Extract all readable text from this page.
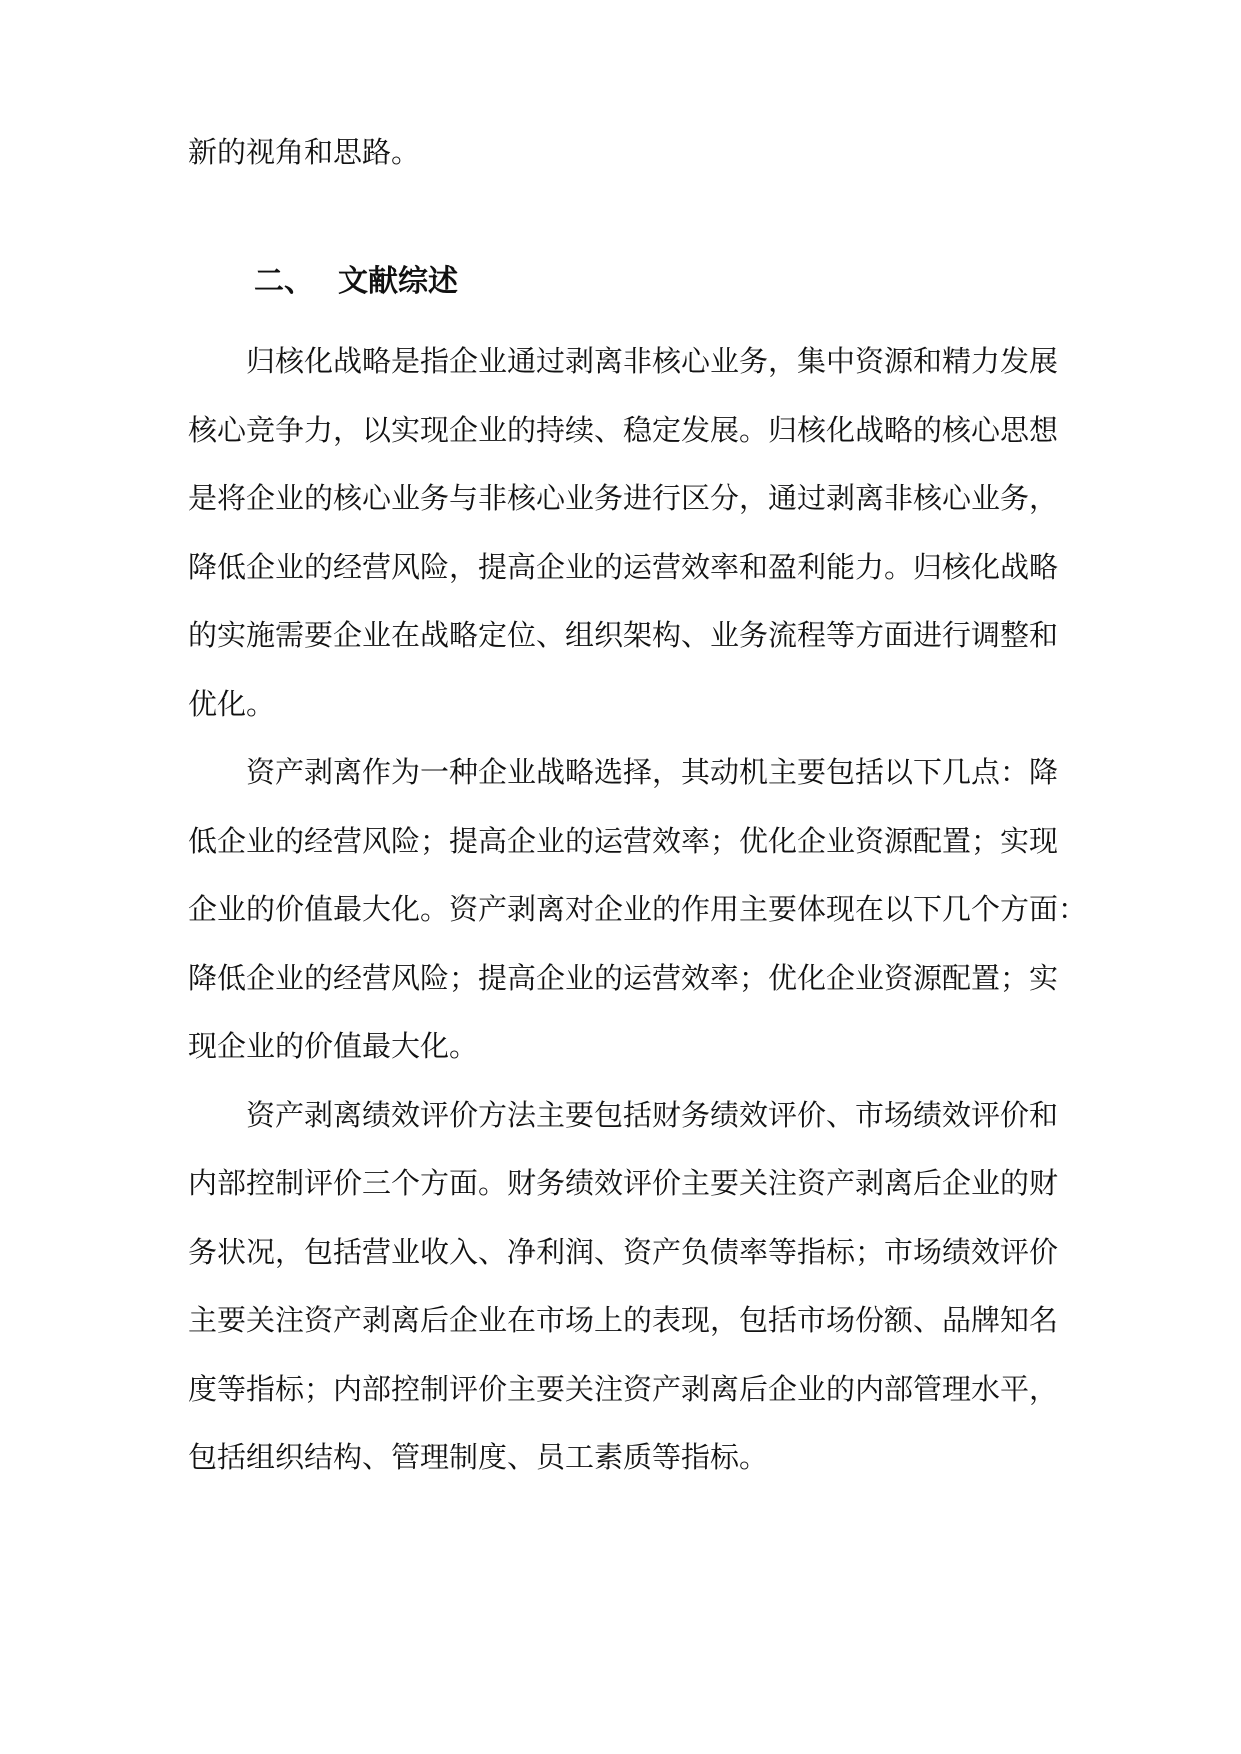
新的视角和思路。
二、 文献综述
归核化战略是指企业通过剥离非核心业务，集中资源和精力发展
核心竞争力，以实现企业的持续、稳定发展。归核化战略的核心思想
是将企业的核心业务与非核心业务进行区分，通过剥离非核心业务，
降低企业的经营风险，提高企业的运营效率和盈利能力。归核化战略
的实施需要企业在战略定位、组织架构、业务流程等方面进行调整和
优化。
资产剥离作为一种企业战略选择，其动机主要包括以下几点：降
低企业的经营风险；提高企业的运营效率；优化企业资源配置；实现
企业的价值最大化。资产剥离对企业的作用主要体现在以下几个方面：
降低企业的经营风险；提高企业的运营效率；优化企业资源配置；实
现企业的价值最大化。
资产剥离绩效评价方法主要包括财务绩效评价、市场绩效评价和
内部控制评价三个方面。财务绩效评价主要关注资产剥离后企业的财
务状况，包括营业收入、净利润、资产负债率等指标；市场绩效评价
主要关注资产剥离后企业在市场上的表现，包括市场份额、品牌知名
度等指标；内部控制评价主要关注资产剥离后企业的内部管理水平，
包括组织结构、管理制度、员工素质等指标。
